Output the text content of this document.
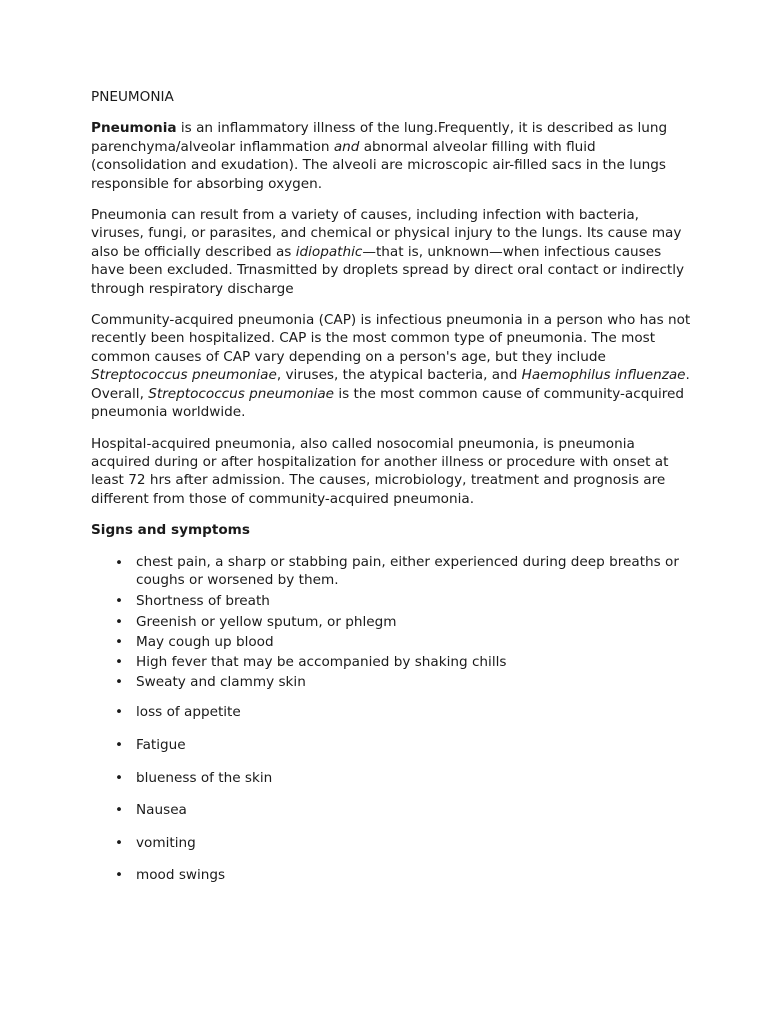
PNEUMONIA

Pneumonia is an inflammatory illness of the lung.Frequently, it is described as lung parenchyma/alveolar inflammation and abnormal alveolar filling with fluid (consolidation and exudation). The alveoli are microscopic air-filled sacs in the lungs responsible for absorbing oxygen.

Pneumonia can result from a variety of causes, including infection with bacteria, viruses, fungi, or parasites, and chemical or physical injury to the lungs. Its cause may also be officially described as idiopathic—that is, unknown—when infectious causes have been excluded. Trnasmitted by droplets spread by direct oral contact or indirectly through respiratory discharge

Community-acquired pneumonia (CAP) is infectious pneumonia in a person who has not recently been hospitalized. CAP is the most common type of pneumonia. The most common causes of CAP vary depending on a person's age, but they include Streptococcus pneumoniae, viruses, the atypical bacteria, and Haemophilus influenzae. Overall, Streptococcus pneumoniae is the most common cause of community-acquired pneumonia worldwide.

Hospital-acquired pneumonia, also called nosocomial pneumonia, is pneumonia acquired during or after hospitalization for another illness or procedure with onset at least 72 hrs after admission. The causes, microbiology, treatment and prognosis are different from those of community-acquired pneumonia.

Signs and symptoms
• chest pain, a sharp or stabbing pain, either experienced during deep breaths or coughs or worsened by them.
• Shortness of breath
• Greenish or yellow sputum, or phlegm
• May cough up blood
• High fever that may be accompanied by shaking chills
• Sweaty and clammy skin
• loss of appetite
• Fatigue
• blueness of the skin
• Nausea
• vomiting
• mood swings
